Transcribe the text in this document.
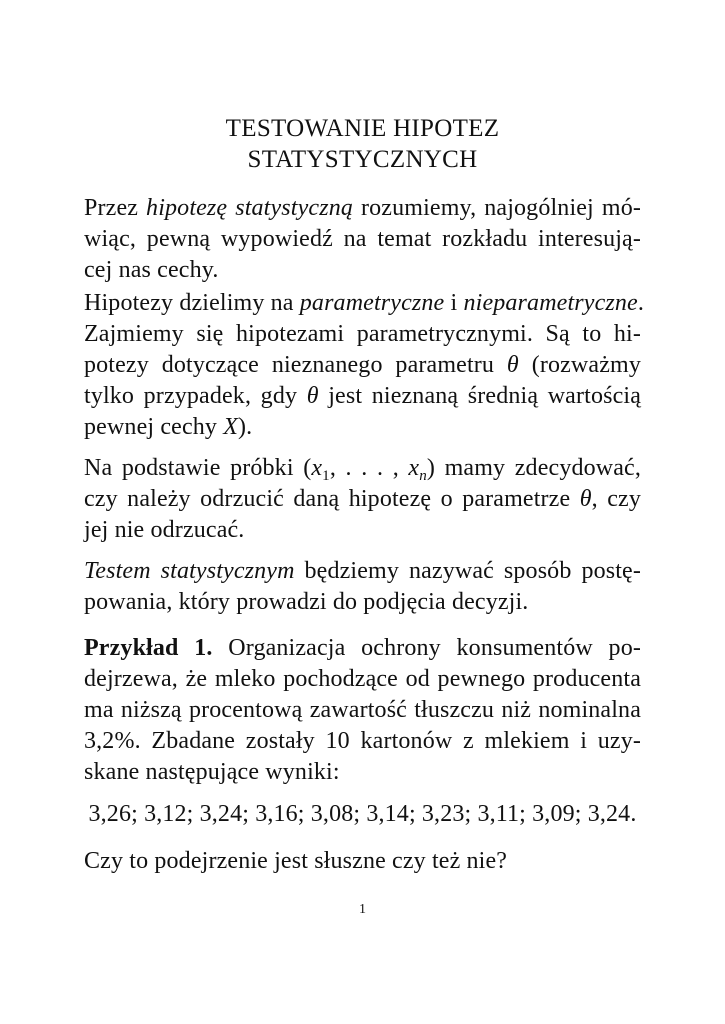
TESTOWANIE HIPOTEZ
STATYSTYCZNYCH
Przez hipotezę statystyczną rozumiemy, najogólniej mó-
wiąc, pewną wypowiedź na temat rozkładu interesują-
cej nas cechy.
Hipotezy dzielimy na parametryczne i nieparametryczne.
Zajmiemy się hipotezami parametrycznymi. Są to hi-
potezy dotyczące nieznanego parametru θ (rozważmy
tylko przypadek, gdy θ jest nieznaną średnią wartością
pewnej cechy X).
Na podstawie próbki ($x_1$, . . . , $x_n$) mamy zdecydować,
czy należy odrzucić daną hipotezę o parametrze θ, czy
jej nie odrzucać.
Testem statystycznym będziemy nazywać sposób postę-
powania, który prowadzi do podjęcia decyzji.
Przykład 1. Organizacja ochrony konsumentów po-
dejrzewa, że mleko pochodzące od pewnego producenta
ma niższą procentową zawartość tłuszczu niż nominalna
3,2%. Zbadane zostały 10 kartonów z mlekiem i uzy-
skane następujące wyniki:
3,26; 3,12; 3,24; 3,16; 3,08; 3,14; 3,23; 3,11; 3,09; 3,24.
Czy to podejrzenie jest słuszne czy też nie?
1
